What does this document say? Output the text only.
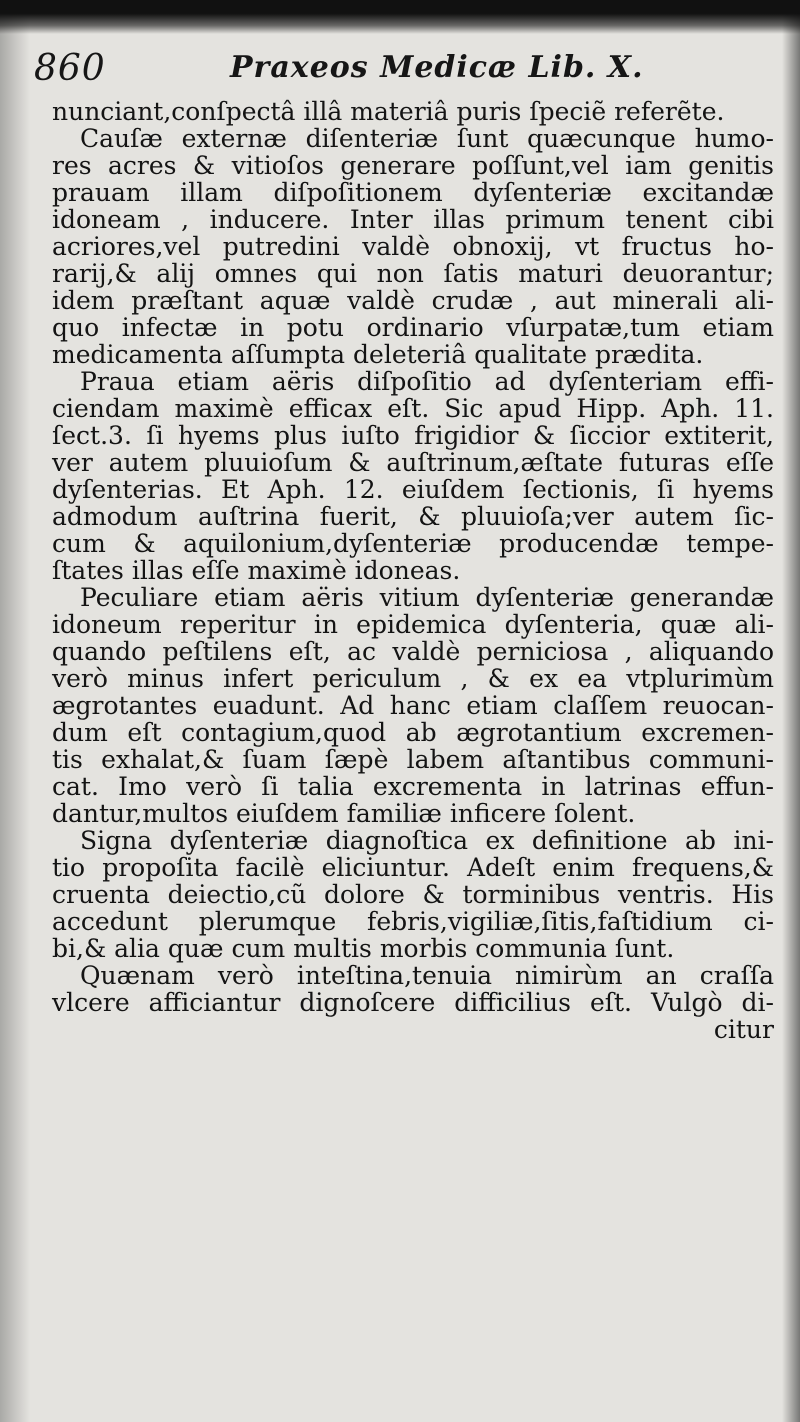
860	Praxeos Medicæ Lib. X.
nunciant,conſpectâ illâ materiâ puris ſpeciẽ referẽte.
Cauſæ externæ diſenteriæ ſunt quæcunque humo-
res acres & vitioſos generare poſſunt,vel iam genitis
prauam illam diſpoſitionem dyſenteriæ excitandæ
idoneam , inducere. Inter illas primum tenent cibi
acriores,vel putredini valdè obnoxij, vt fructus ho-
rarij,& alij omnes qui non ſatis maturi deuorantur;
idem præſtant aquæ valdè crudæ , aut minerali ali-
quo infectæ in potu ordinario vſurpatæ,tum etiam
medicamenta aſſumpta deleteriâ qualitate prædita.
Praua etiam aëris diſpoſitio ad dyſenteriam effi-
ciendam maximè efficax eſt. Sic apud Hipp. Aph. 11.
ſect.3. ſi hyems plus iuſto frigidior & ſiccior extiterit,
ver autem pluuioſum & auſtrinum,æſtate futuras eſſe
dyſenterias. Et Aph. 12. eiuſdem ſectionis, ſi hyems
admodum auſtrina fuerit, & pluuioſa;ver autem ſic-
cum & aquilonium,dyſenteriæ producendæ tempe-
ſtates illas eſſe maximè idoneas.
Peculiare etiam aëris vitium dyſenteriæ generandæ
idoneum reperitur in epidemica dyſenteria, quæ ali-
quando peſtilens eſt, ac valdè perniciosa , aliquando
verò minus infert periculum , & ex ea vtplurimùm
ægrotantes euadunt. Ad hanc etiam claſſem reuocan-
dum eſt contagium,quod ab ægrotantium excremen-
tis exhalat,& ſuam ſæpè labem aſtantibus communi-
cat. Imo verò ſi talia excrementa in latrinas effun-
dantur,multos eiuſdem familiæ inficere ſolent.
Signa dyſenteriæ diagnoſtica ex definitione ab ini-
tio propoſita facilè eliciuntur. Adeſt enim frequens,&
cruenta deiectio,cũ dolore & torminibus ventris. His
accedunt plerumque febris,vigiliæ,ſitis,faſtidium ci-
bi,& alia quæ cum multis morbis communia ſunt.
Quænam verò inteſtina,tenuia nimirùm an craſſa
vlcere afficiantur dignoſcere difficilius eſt. Vulgò di-
citur
